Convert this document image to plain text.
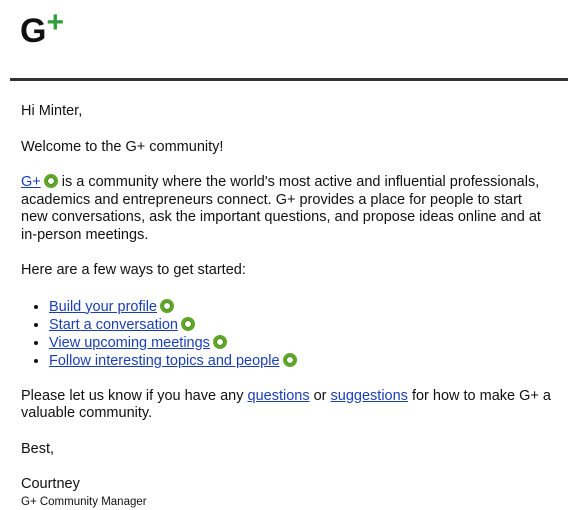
G +

Hi Minter,

Welcome to the G+ community!

G+ is a community where the world's most active and influential professionals, academics and entrepreneurs connect. G+ provides a place for people to start new conversations, ask the important questions, and propose ideas online and at in-person meetings.

Here are a few ways to get started:

• Build your profile
• Start a conversation
• View upcoming meetings
• Follow interesting topics and people

Please let us know if you have any questions or suggestions for how to make G+ a valuable community.

Best,

Courtney

G+ Community Manager
